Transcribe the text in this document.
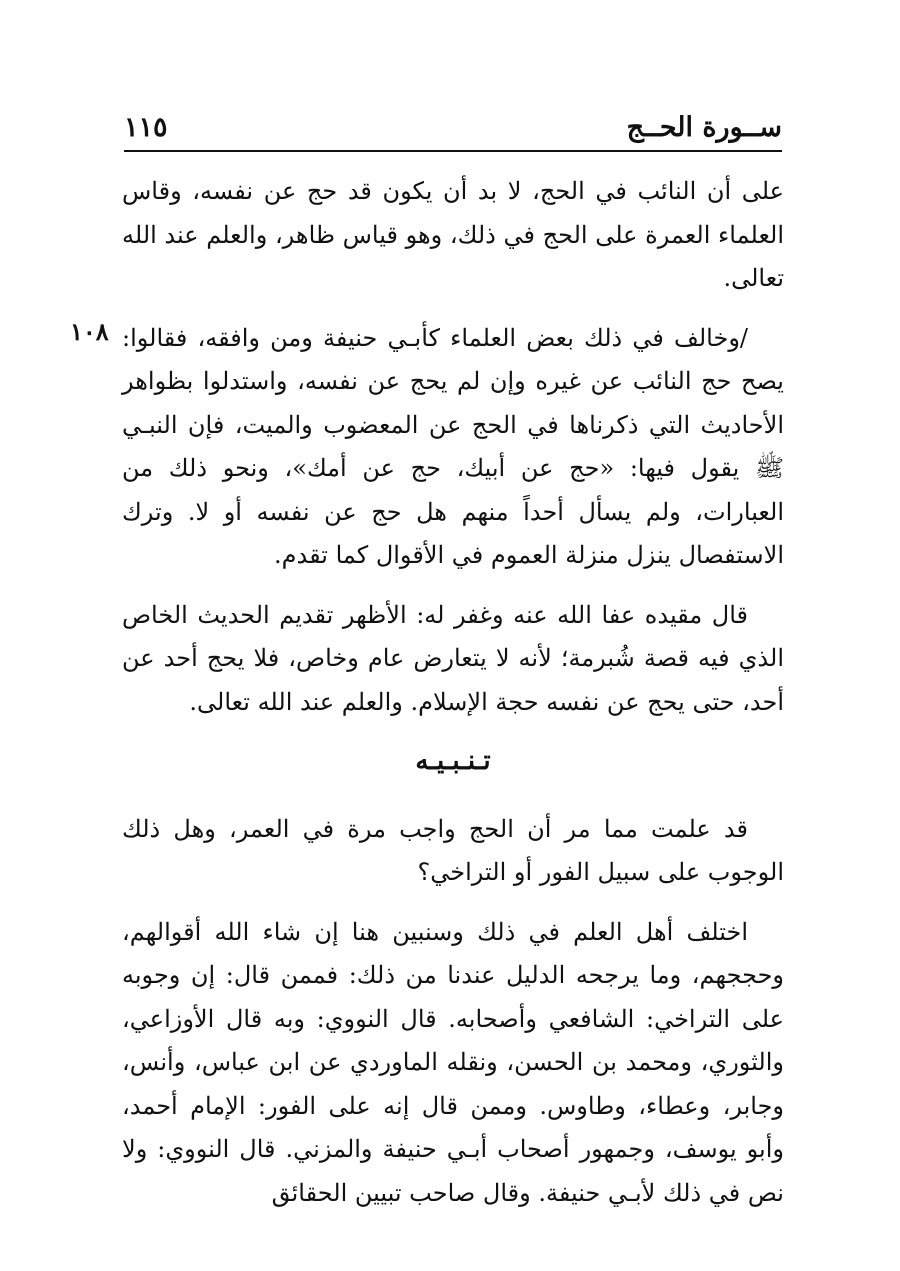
ســورة الحــج
١١٥
١٠٨

على أن النائب في الحج، لا بد أن يكون قد حج عن نفسه، وقاس العلماء العمرة على الحج في ذلك، وهو قياس ظاهر، والعلم عند الله تعالى.

/وخالف في ذلك بعض العلماء كأبـي حنيفة ومن وافقه، فقالوا: يصح حج النائب عن غيره وإن لم يحج عن نفسه، واستدلوا بظواهر الأحاديث التي ذكرناها في الحج عن المعضوب والميت، فإن النبـي ﷺ يقول فيها: «حج عن أبيك، حج عن أمك»، ونحو ذلك من العبارات، ولم يسأل أحداً منهم هل حج عن نفسه أو لا. وترك الاستفصال ينزل منزلة العموم في الأقوال كما تقدم.

قال مقيده عفا الله عنه وغفر له: الأظهر تقديم الحديث الخاص الذي فيه قصة شُبرمة؛ لأنه لا يتعارض عام وخاص، فلا يحج أحد عن أحد، حتى يحج عن نفسه حجة الإسلام. والعلم عند الله تعالى.

تـنـبـيـه

قد علمت مما مر أن الحج واجب مرة في العمر، وهل ذلك الوجوب على سبيل الفور أو التراخي؟

اختلف أهل العلم في ذلك وسنبين هنا إن شاء الله أقوالهم، وحججهم، وما يرجحه الدليل عندنا من ذلك: فممن قال: إن وجوبه على التراخي: الشافعي وأصحابه. قال النووي: وبه قال الأوزاعي، والثوري، ومحمد بن الحسن، ونقله الماوردي عن ابن عباس، وأنس، وجابر، وعطاء، وطاوس. وممن قال إنه على الفور: الإمام أحمد، وأبو يوسف، وجمهور أصحاب أبـي حنيفة والمزني. قال النووي: ولا نص في ذلك لأبـي حنيفة. وقال صاحب تبيين الحقائق
